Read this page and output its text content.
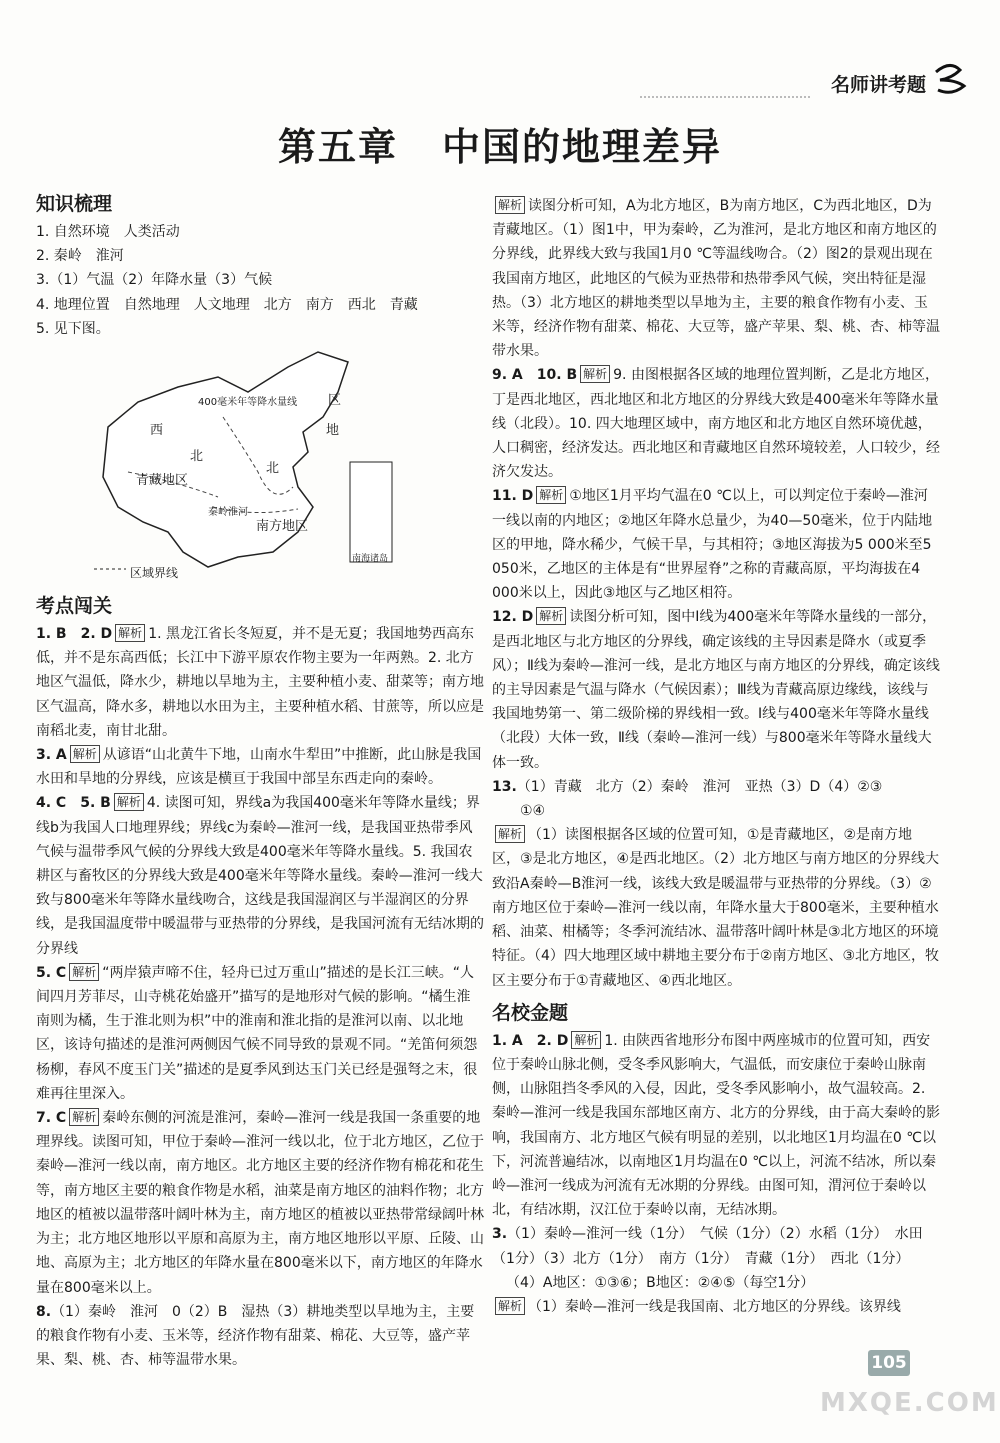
名师讲考题
第五章 中国的地理差异
知识梳理

1. 自然环境　人类活动

2. 秦岭　淮河

3.（1）气温（2）年降水量（3）气候

4. 地理位置　自然地理　人文地理　北方　南方　西北　青藏

5. 见下图。

400毫米年等降水量线 区
西
北
地
北
青藏地区
秦岭淮河
南方地区
南海诸岛
区域界线
考点闯关

1. B　2. D 解析 1. 黑龙江省长冬短夏，并不是无夏；我国地势西高东低，并不是东高西低；长江中下游平原农作物主要为一年两熟。2. 北方地区气温低，降水少，耕地以旱地为主，主要种植小麦、甜菜等；南方地区气温高，降水多，耕地以水田为主，主要种植水稻、甘蔗等，所以应是南稻北麦，南甘北甜。

3. A 解析 从谚语“山北黄牛下地，山南水牛犁田”中推断，此山脉是我国水田和旱地的分界线，应该是横亘于我国中部呈东西走向的秦岭。

4. C　5. B 解析 4. 读图可知，界线a为我国400毫米年等降水量线；界线b为我国人口地理界线；界线c为秦岭—淮河一线，是我国亚热带季风气候与温带季风气候的分界线大致是400毫米年等降水量线。5. 我国农耕区与畜牧区的分界线大致是400毫米年等降水量线。秦岭—淮河一线大致与800毫米年等降水量线吻合，这线是我国湿润区与半湿润区的分界线，是我国温度带中暖温带与亚热带的分界线，是我国河流有无结冰期的分界线

5. C 解析 “两岸猿声啼不住，轻舟已过万重山”描述的是长江三峡。“人间四月芳菲尽，山寺桃花始盛开”描写的是地形对气候的影响。“橘生淮南则为橘，生于淮北则为枳”中的淮南和淮北指的是淮河以南、以北地区，该诗句描述的是淮河两侧因气候不同导致的景观不同。“羌笛何须怨杨柳，春风不度玉门关”描述的是夏季风到达玉门关已经是强弩之末，很难再往里深入。

7. C 解析 秦岭东侧的河流是淮河，秦岭—淮河一线是我国一条重要的地理界线。读图可知，甲位于秦岭—淮河一线以北，位于北方地区，乙位于秦岭—淮河一线以南，南方地区。北方地区主要的经济作物有棉花和花生等，南方地区主要的粮食作物是水稻，油菜是南方地区的油料作物；北方地区的植被以温带落叶阔叶林为主，南方地区的植被以亚热带常绿阔叶林为主；北方地区地形以平原和高原为主，南方地区地形以平原、丘陵、山地、高原为主；北方地区的年降水量在800毫米以下，南方地区的年降水量在800毫米以上。

8.（1）秦岭　淮河　0（2）B　湿热（3）耕地类型以旱地为主，主要的粮食作物有小麦、玉米等，经济作物有甜菜、棉花、大豆等，盛产苹果、梨、桃、杏、柿等温带水果。

解析 读图分析可知，A为北方地区，B为南方地区，C为西北地区，D为青藏地区。（1）图1中，甲为秦岭，乙为淮河，是北方地区和南方地区的分界线，此界线大致与我国1月0 ℃等温线吻合。（2）图2的景观出现在我国南方地区，此地区的气候为亚热带和热带季风气候，突出特征是湿热。（3）北方地区的耕地类型以旱地为主，主要的粮食作物有小麦、玉米等，经济作物有甜菜、棉花、大豆等，盛产苹果、梨、桃、杏、柿等温带水果。

9. A　10. B 解析 9. 由图根据各区域的地理位置判断，乙是北方地区，丁是西北地区，西北地区和北方地区的分界线大致是400毫米年等降水量线（北段）。10. 四大地理区域中，南方地区和北方地区自然环境优越，人口稠密，经济发达。西北地区和青藏地区自然环境较差，人口较少，经济欠发达。

11. D 解析 ①地区1月平均气温在0 ℃以上，可以判定位于秦岭—淮河一线以南的内地区；②地区年降水总量少，为40—50毫米，位于内陆地区的甲地，降水稀少，气候干旱，与其相符；③地区海拔为5 000米至5 050米，乙地区的主体是有“世界屋脊”之称的青藏高原，平均海拔在4 000米以上，因此③地区与乙地区相符。

12. D 解析 读图分析可知，图中Ⅰ线为400毫米年等降水量线的一部分，是西北地区与北方地区的分界线，确定该线的主导因素是降水（或夏季风）；Ⅱ线为秦岭—淮河一线，是北方地区与南方地区的分界线，确定该线的主导因素是气温与降水（气候因素）；Ⅲ线为青藏高原边缘线，该线与我国地势第一、第二级阶梯的界线相一致。Ⅰ线与400毫米年等降水量线（北段）大体一致，Ⅱ线（秦岭—淮河一线）与800毫米年等降水量线大体一致。

13.（1）青藏　北方（2）秦岭　淮河　亚热（3）D（4）②③

①④

解析 （1）读图根据各区域的位置可知，①是青藏地区，②是南方地区，③是北方地区，④是西北地区。（2）北方地区与南方地区的分界线大致沿A秦岭—B淮河一线，该线大致是暖温带与亚热带的分界线。（3）②南方地区位于秦岭—淮河一线以南，年降水量大于800毫米，主要种植水稻、油菜、柑橘等；冬季河流结冰、温带落叶阔叶林是③北方地区的环境特征。（4）四大地理区域中耕地主要分布于②南方地区、③北方地区，牧区主要分布于①青藏地区、④西北地区。

名校金题

1. A　2. D 解析 1. 由陕西省地形分布图中两座城市的位置可知，西安位于秦岭山脉北侧，受冬季风影响大，气温低，而安康位于秦岭山脉南侧，山脉阻挡冬季风的入侵，因此，受冬季风影响小，故气温较高。2. 秦岭—淮河一线是我国东部地区南方、北方的分界线，由于高大秦岭的影响，我国南方、北方地区气候有明显的差别，以北地区1月均温在0 ℃以下，河流普遍结冰，以南地区1月均温在0 ℃以上，河流不结冰，所以秦岭—淮河一线成为河流有无冰期的分界线。由图可知，渭河位于秦岭以北，有结冰期，汉江位于秦岭以南，无结冰期。

3.（1）秦岭—淮河一线（1分）　气候（1分）（2）水稻（1分）　水田（1分）（3）北方（1分）　南方（1分）　青藏（1分）　西北（1分）

（4）A地区：①③⑥；B地区：②④⑤（每空1分）

解析 （1）秦岭—淮河一线是我国南、北方地区的分界线。该界线

105
MXQE.COM
